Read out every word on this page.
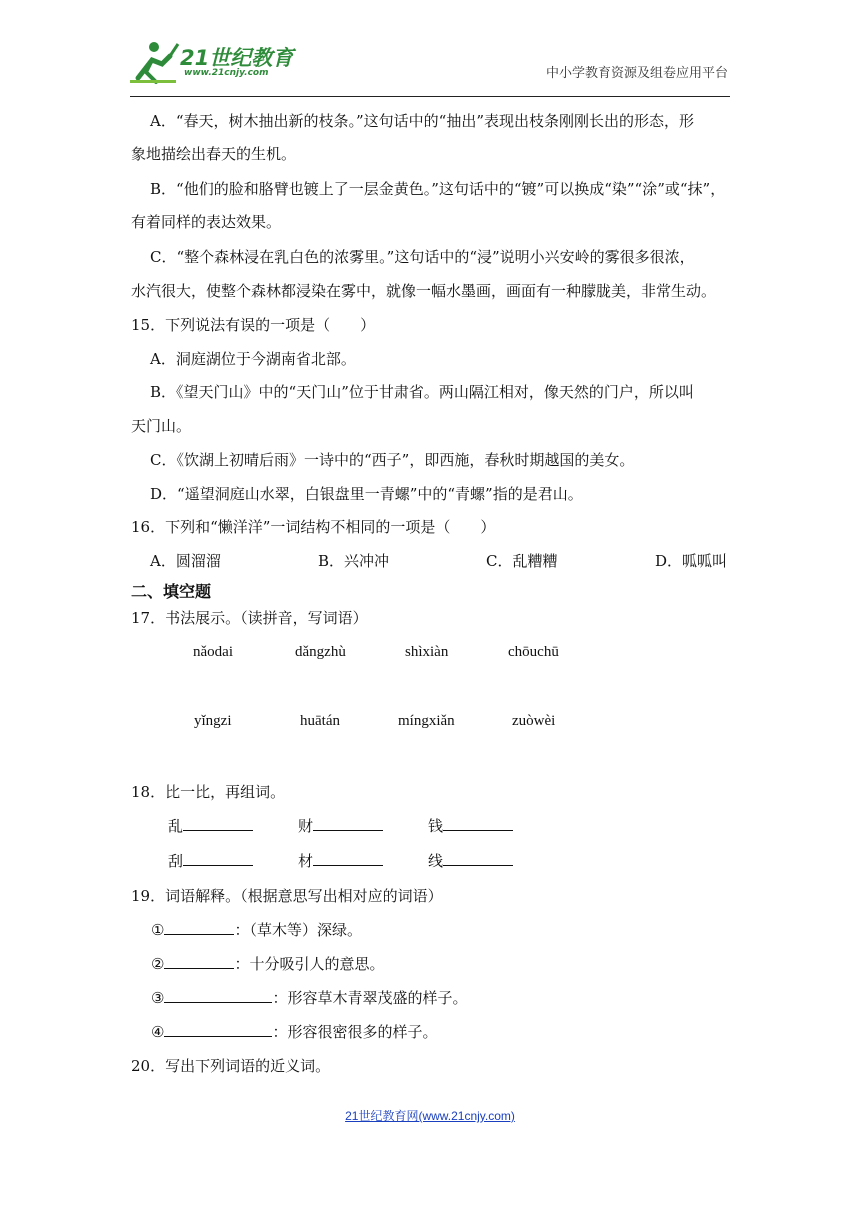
21世纪教育
www.21cnjy.com	中小学教育资源及组卷应用平台
A．“春天，树木抽出新的枝条。”这句话中的“抽出”表现出枝条刚刚长出的形态，形
象地描绘出春天的生机。
B．“他们的脸和胳臂也镀上了一层金黄色。”这句话中的“镀”可以换成“染”“涂”或“抹”，
有着同样的表达效果。
C．“整个森林浸在乳白色的浓雾里。”这句话中的“浸”说明小兴安岭的雾很多很浓，
水汽很大，使整个森林都浸染在雾中，就像一幅水墨画，画面有一种朦胧美，非常生动。
15．下列说法有误的一项是（　　）
A．洞庭湖位于今湖南省北部。
B．《望天门山》中的“天门山”位于甘肃省。两山隔江相对，像天然的门户，所以叫
天门山。
C．《饮湖上初晴后雨》一诗中的“西子”，即西施，春秋时期越国的美女。
D．“遥望洞庭山水翠，白银盘里一青螺”中的“青螺”指的是君山。
16．下列和“懒洋洋”一词结构不相同的一项是（　　）
A．圆溜溜	B．兴冲冲	C．乱糟糟	D．呱呱叫
二、填空题
17．书法展示。（读拼音，写词语）
nǎodai	dǎngzhù	shìxiàn	chōuchū
yǐngzi	huātán	míngxiǎn	zuòwèi
18．比一比，再组词。
乱	财	钱
刮	材	线
19．词语解释。（根据意思写出相对应的词语）
①	：（草木等）深绿。
②	：十分吸引人的意思。
③	：形容草木青翠茂盛的样子。
④	：形容很密很多的样子。
20．写出下列词语的近义词。
21世纪教育网(www.21cnjy.com)
